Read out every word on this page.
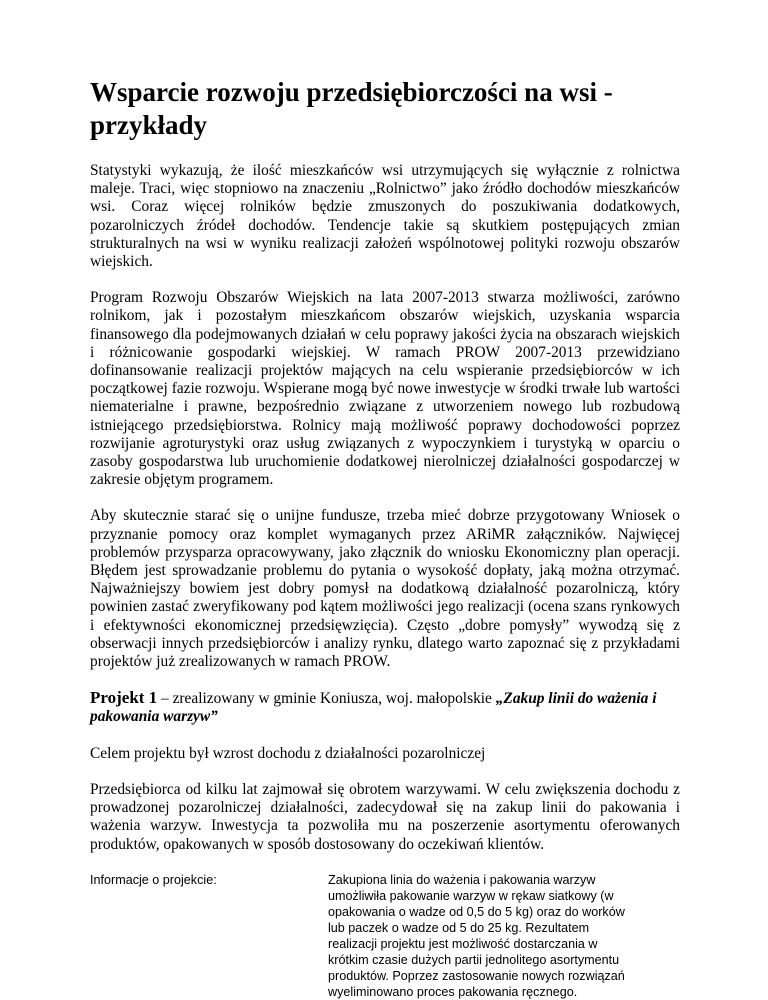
Wsparcie rozwoju przedsiębiorczości na wsi - przykłady

Statystyki wykazują, że ilość mieszkańców wsi utrzymujących się wyłącznie z rolnictwa maleje. Traci, więc stopniowo na znaczeniu „Rolnictwo” jako źródło dochodów mieszkańców wsi. Coraz więcej rolników będzie zmuszonych do poszukiwania dodatkowych, pozarolniczych źródeł dochodów. Tendencje takie są skutkiem postępujących zmian strukturalnych na wsi w wyniku realizacji założeń wspólnotowej polityki rozwoju obszarów wiejskich.

Program Rozwoju Obszarów Wiejskich na lata 2007-2013 stwarza możliwości, zarówno rolnikom, jak i pozostałym mieszkańcom obszarów wiejskich, uzyskania wsparcia finansowego dla podejmowanych działań w celu poprawy jakości życia na obszarach wiejskich i różnicowanie gospodarki wiejskiej. W ramach PROW 2007-2013 przewidziano dofinansowanie realizacji projektów mających na celu wspieranie przedsiębiorców w ich początkowej fazie rozwoju. Wspierane mogą być nowe inwestycje w środki trwałe lub wartości niematerialne i prawne, bezpośrednio związane z utworzeniem nowego lub rozbudową istniejącego przedsiębiorstwa. Rolnicy mają możliwość poprawy dochodowości poprzez rozwijanie agroturystyki oraz usług związanych z wypoczynkiem i turystyką w oparciu o zasoby gospodarstwa lub uruchomienie dodatkowej nierolniczej działalności gospodarczej w zakresie objętym programem.

Aby skutecznie starać się o unijne fundusze, trzeba mieć dobrze przygotowany Wniosek o przyznanie pomocy oraz komplet wymaganych przez ARiMR załączników. Najwięcej problemów przysparza opracowywany, jako złącznik do wniosku Ekonomiczny plan operacji. Błędem jest sprowadzanie problemu do pytania o wysokość dopłaty, jaką można otrzymać. Najważniejszy bowiem jest dobry pomysł na dodatkową działalność pozarolniczą, który powinien zastać zweryfikowany pod kątem możliwości jego realizacji (ocena szans rynkowych i efektywności ekonomicznej przedsięwzięcia). Często „dobre pomysły” wywodzą się z obserwacji innych przedsiębiorców i analizy rynku, dlatego warto zapoznać się z przykładami projektów już zrealizowanych w ramach PROW.

Projekt 1 – zrealizowany w gminie Koniusza, woj. małopolskie „Zakup linii do ważenia i pakowania warzyw”

Celem projektu był wzrost dochodu z działalności pozarolniczej

Przedsiębiorca od kilku lat zajmował się obrotem warzywami. W celu zwiększenia dochodu z prowadzonej pozarolniczej działalności, zadecydował się na zakup linii do pakowania i ważenia warzyw. Inwestycja ta pozwoliła mu na poszerzenie asortymentu oferowanych produktów, opakowanych w sposób dostosowany do oczekiwań klientów.

Informacje o projekcie:	Zakupiona linia do ważenia i pakowania warzyw umożliwiła pakowanie warzyw w rękaw siatkowy (w opakowania o wadze od 0,5 do 5 kg) oraz do worków lub paczek o wadze od 5 do 25 kg. Rezultatem realizacji projektu jest możliwość dostarczania w krótkim czasie dużych partii jednolitego asortymentu produktów. Poprzez zastosowanie nowych rozwiązań wyeliminowano proces pakowania ręcznego.
